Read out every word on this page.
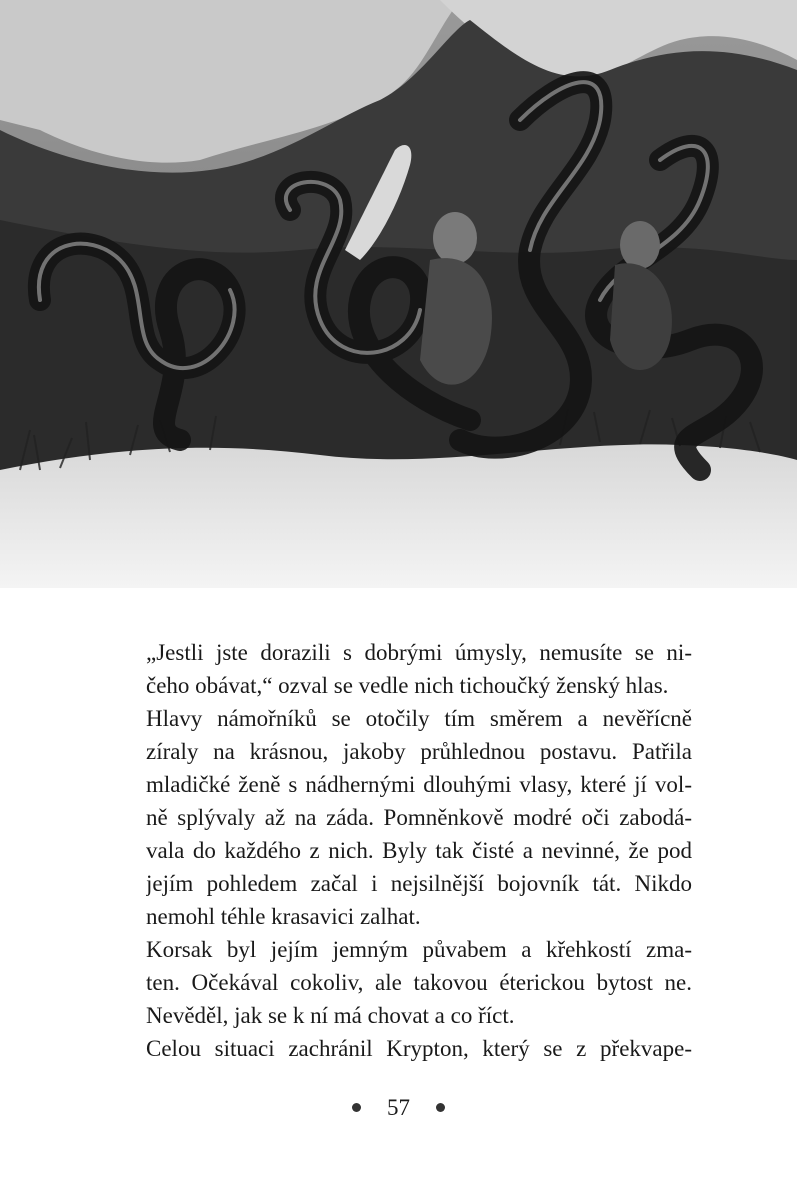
„Jestli jste dorazili s dobrými úmysly, nemusíte se ni-
čeho obávat,“ ozval se vedle nich tichoučký ženský hlas.
Hlavy námořníků se otočily tím směrem a nevěřícně
zíraly na krásnou, jakoby průhlednou postavu. Patřila
mladičké ženě s nádhernými dlouhými vlasy, které jí vol-
ně splývaly až na záda. Pomněnkově modré oči zabodá-
vala do každého z nich. Byly tak čisté a nevinné, že pod
jejím pohledem začal i nejsilnější bojovník tát. Nikdo
nemohl téhle krasavici zalhat.
Korsak byl jejím jemným půvabem a křehkostí zma-
ten. Očekával cokoliv, ale takovou éterickou bytost ne.
Nevěděl, jak se k ní má chovat a co říct.
Celou situaci zachránil Krypton, který se z překvape-
57
